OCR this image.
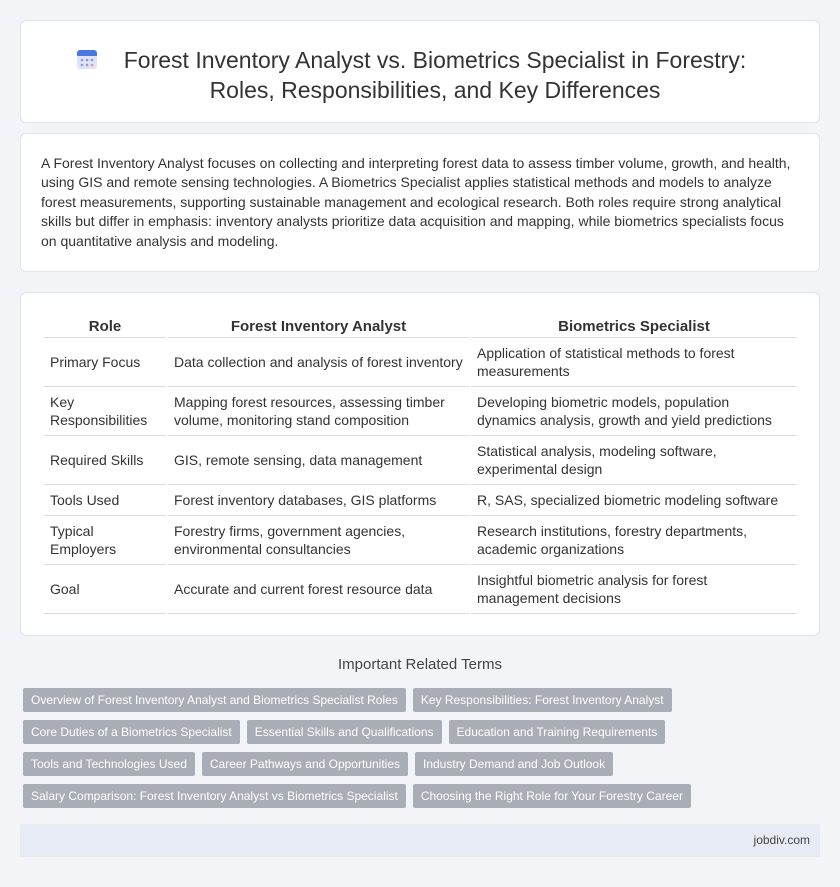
Forest Inventory Analyst vs. Biometrics Specialist in Forestry: Roles, Responsibilities, and Key Differences

A Forest Inventory Analyst focuses on collecting and interpreting forest data to assess timber volume, growth, and health, using GIS and remote sensing technologies. A Biometrics Specialist applies statistical methods and models to analyze forest measurements, supporting sustainable management and ecological research. Both roles require strong analytical skills but differ in emphasis: inventory analysts prioritize data acquisition and mapping, while biometrics specialists focus on quantitative analysis and modeling.

Role	Forest Inventory Analyst	Biometrics Specialist
Primary Focus	Data collection and analysis of forest inventory	Application of statistical methods to forest measurements
Key Responsibilities	Mapping forest resources, assessing timber volume, monitoring stand composition	Developing biometric models, population dynamics analysis, growth and yield predictions
Required Skills	GIS, remote sensing, data management	Statistical analysis, modeling software, experimental design
Tools Used	Forest inventory databases, GIS platforms	R, SAS, specialized biometric modeling software
Typical Employers	Forestry firms, government agencies, environmental consultancies	Research institutions, forestry departments, academic organizations
Goal	Accurate and current forest resource data	Insightful biometric analysis for forest management decisions
Important Related Terms
Overview of Forest Inventory Analyst and Biometrics Specialist Roles	Key Responsibilities: Forest Inventory Analyst
Core Duties of a Biometrics Specialist	Essential Skills and Qualifications	Education and Training Requirements
Tools and Technologies Used	Career Pathways and Opportunities	Industry Demand and Job Outlook
Salary Comparison: Forest Inventory Analyst vs Biometrics Specialist	Choosing the Right Role for Your Forestry Career
jobdiv.com
